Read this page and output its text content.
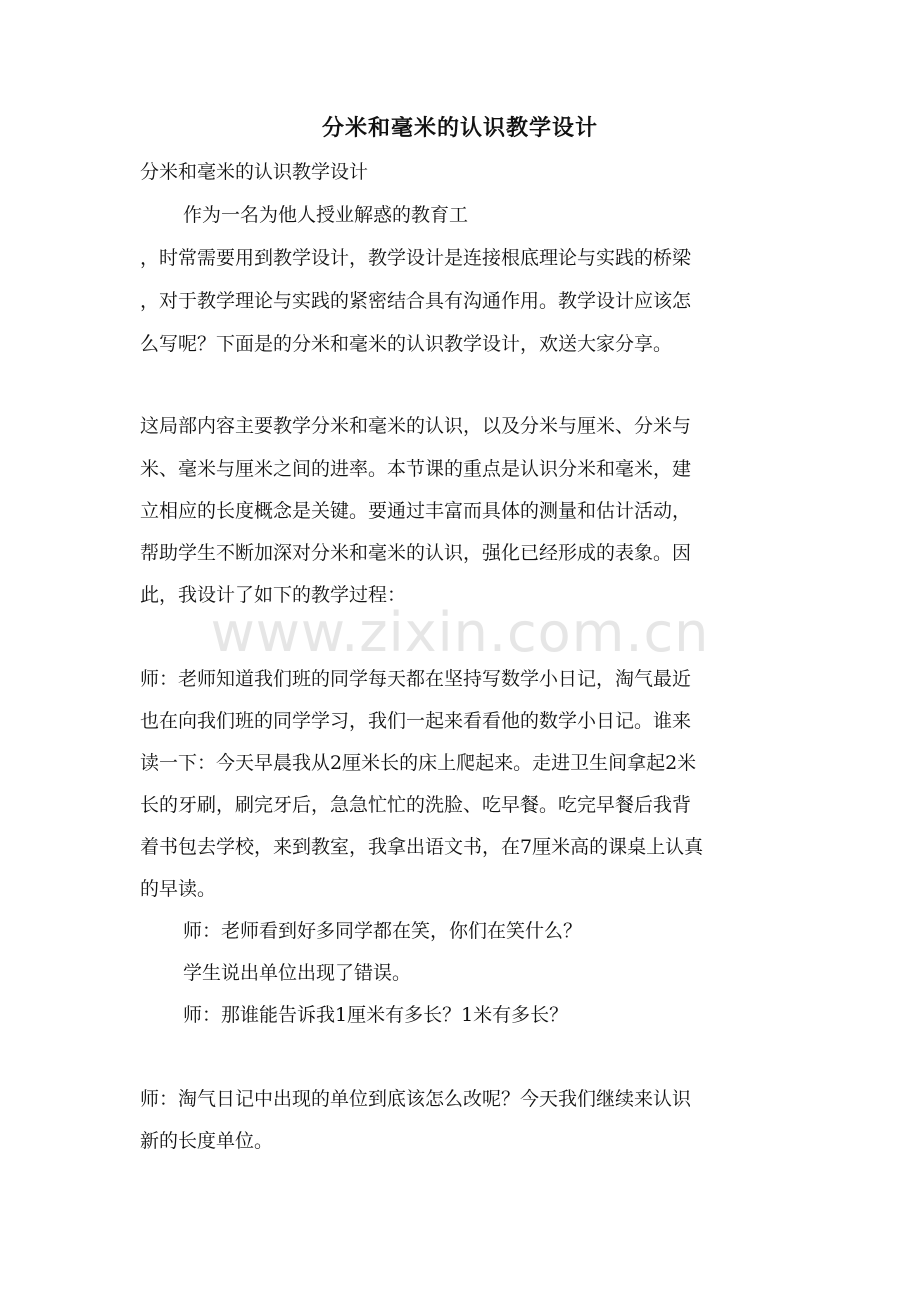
www.zixin.com.cn
分米和毫米的认识教学设计
分米和毫米的认识教学设计
作为一名为他人授业解惑的教育工
，时常需要用到教学设计，教学设计是连接根底理论与实践的桥梁
，对于教学理论与实践的紧密结合具有沟通作用。教学设计应该怎
么写呢？下面是的分米和毫米的认识教学设计，欢送大家分享。
这局部内容主要教学分米和毫米的认识，以及分米与厘米、分米与
米、毫米与厘米之间的进率。本节课的重点是认识分米和毫米，建
立相应的长度概念是关键。要通过丰富而具体的测量和估计活动，
帮助学生不断加深对分米和毫米的认识，强化已经形成的表象。因
此，我设计了如下的教学过程：
师：老师知道我们班的同学每天都在坚持写数学小日记，淘气最近
也在向我们班的同学学习，我们一起来看看他的数学小日记。谁来
读一下：今天早晨我从2厘米长的床上爬起来。走进卫生间拿起2米
长的牙刷，刷完牙后，急急忙忙的洗脸、吃早餐。吃完早餐后我背
着书包去学校，来到教室，我拿出语文书，在7厘米高的课桌上认真
的早读。
师：老师看到好多同学都在笑，你们在笑什么？
学生说出单位出现了错误。
师：那谁能告诉我1厘米有多长？1米有多长？
师：淘气日记中出现的单位到底该怎么改呢？今天我们继续来认识
新的长度单位。
